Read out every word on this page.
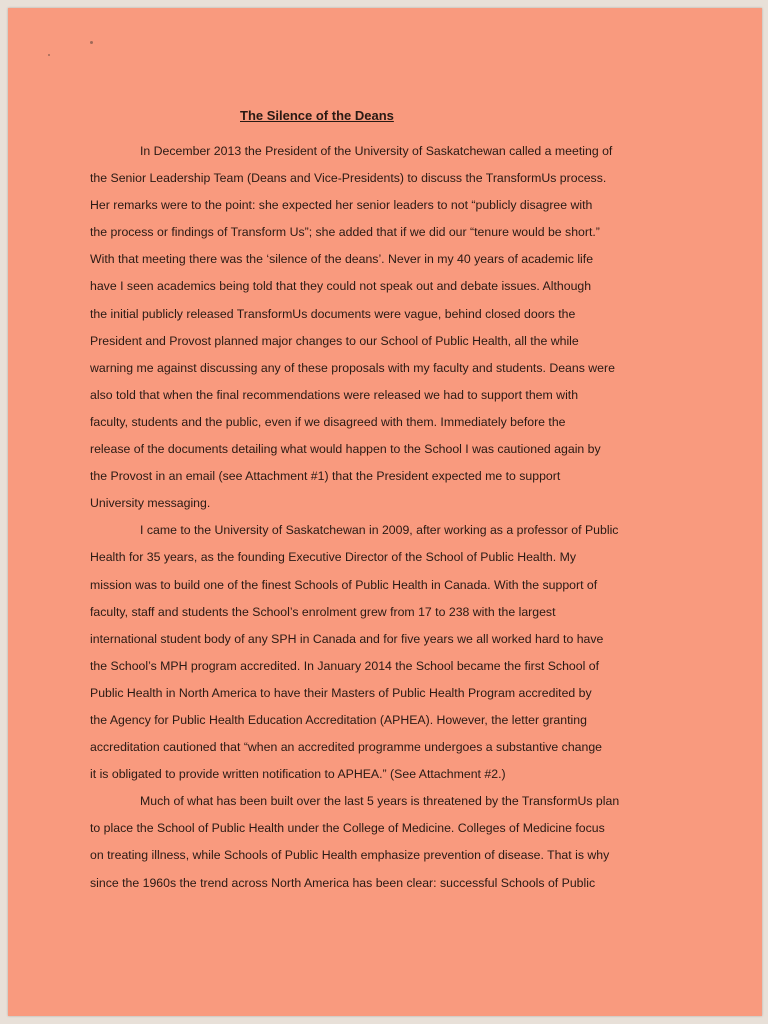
The Silence of the Deans
In December 2013 the President of the University of Saskatchewan called a meeting of
the Senior Leadership Team (Deans and Vice-Presidents) to discuss the TransformUs process.
Her remarks were to the point: she expected her senior leaders to not “publicly disagree with
the process or findings of Transform Us”; she added that if we did our “tenure would be short.”
With that meeting there was the ‘silence of the deans’. Never in my 40 years of academic life
have I seen academics being told that they could not speak out and debate issues. Although
the initial publicly released TransformUs documents were vague, behind closed doors the
President and Provost planned major changes to our School of Public Health, all the while
warning me against discussing any of these proposals with my faculty and students. Deans were
also told that when the final recommendations were released we had to support them with
faculty, students and the public, even if we disagreed with them. Immediately before the
release of the documents detailing what would happen to the School I was cautioned again by
the Provost in an email (see Attachment #1) that the President expected me to support
University messaging.
I came to the University of Saskatchewan in 2009, after working as a professor of Public
Health for 35 years, as the founding Executive Director of the School of Public Health. My
mission was to build one of the finest Schools of Public Health in Canada. With the support of
faculty, staff and students the School’s enrolment grew from 17 to 238 with the largest
international student body of any SPH in Canada and for five years we all worked hard to have
the School’s MPH program accredited. In January 2014 the School became the first School of
Public Health in North America to have their Masters of Public Health Program accredited by
the Agency for Public Health Education Accreditation (APHEA). However, the letter granting
accreditation cautioned that “when an accredited programme undergoes a substantive change
it is obligated to provide written notification to APHEA.” (See Attachment #2.)
Much of what has been built over the last 5 years is threatened by the TransformUs plan
to place the School of Public Health under the College of Medicine. Colleges of Medicine focus
on treating illness, while Schools of Public Health emphasize prevention of disease. That is why
since the 1960s the trend across North America has been clear: successful Schools of Public
